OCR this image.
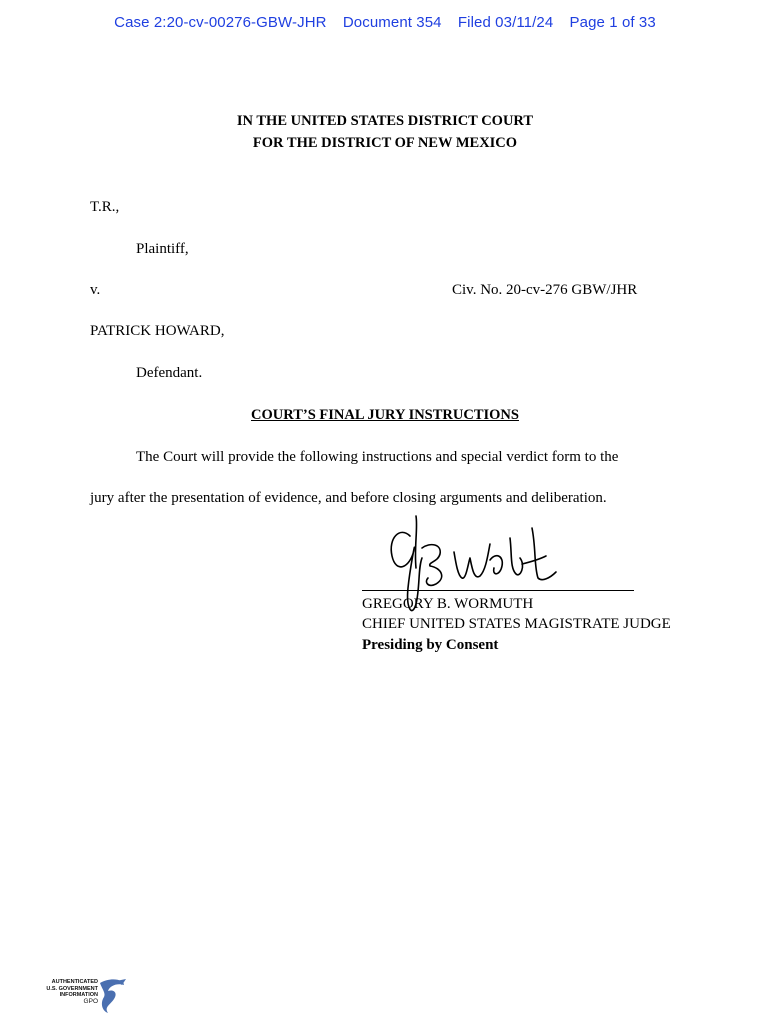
Case 2:20-cv-00276-GBW-JHR Document 354 Filed 03/11/24 Page 1 of 33
IN THE UNITED STATES DISTRICT COURT
FOR THE DISTRICT OF NEW MEXICO
T.R.,
Plaintiff,
v.	Civ. No. 20-cv-276 GBW/JHR
PATRICK HOWARD,
Defendant.
COURT’S FINAL JURY INSTRUCTIONS
The Court will provide the following instructions and special verdict form to the
jury after the presentation of evidence, and before closing arguments and deliberation.
GREGORY B. WORMUTH
CHIEF UNITED STATES MAGISTRATE JUDGE
Presiding by Consent
AUTHENTICATED
U.S. GOVERNMENT
INFORMATION
GPO
